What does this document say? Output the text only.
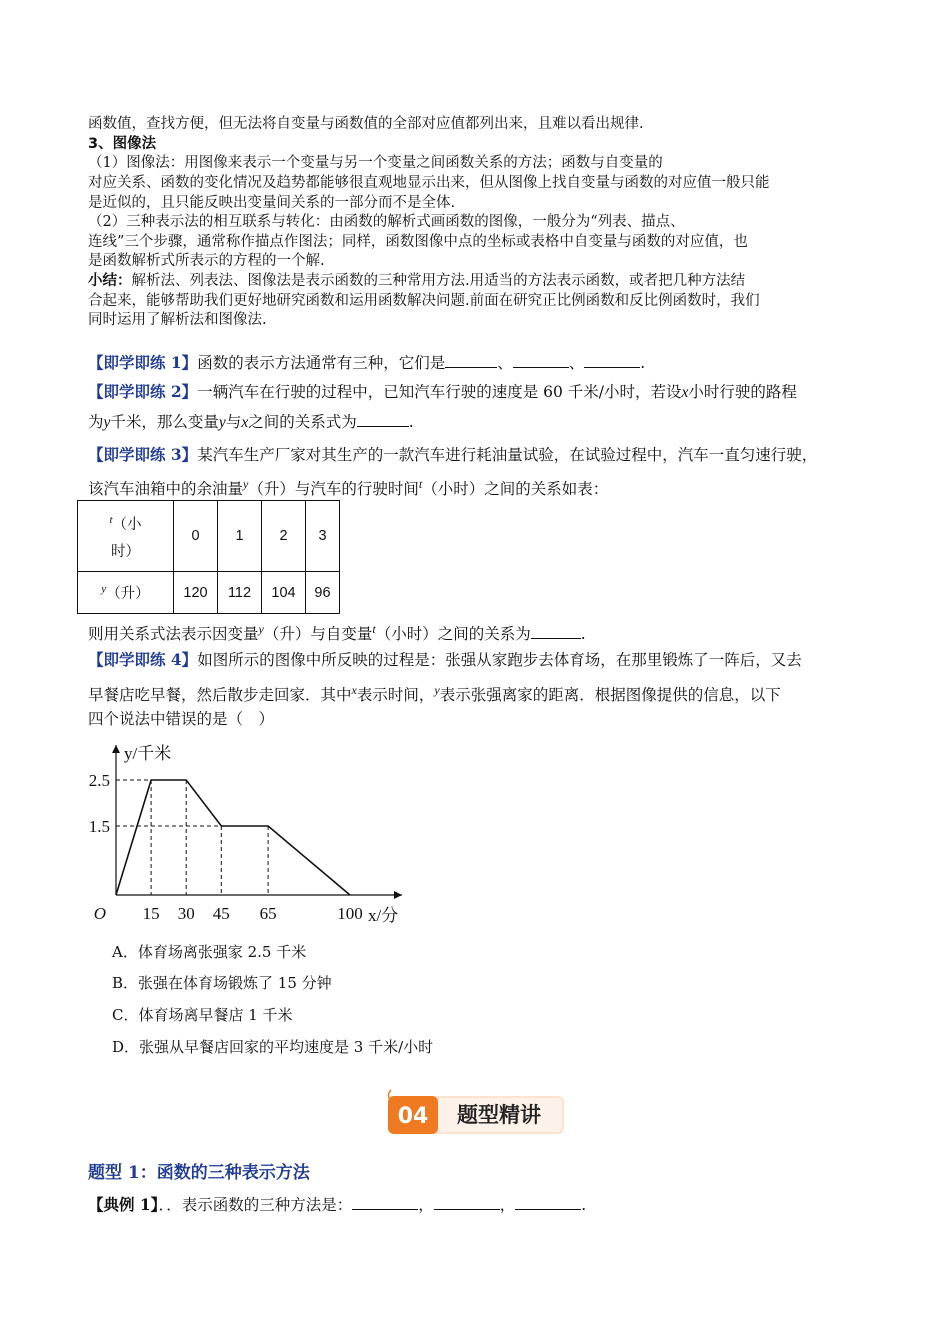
函数值，查找方便，但无法将自变量与函数值的全部对应值都列出来，且难以看出规律.
3、图像法
（1）图像法：用图像来表示一个变量与另一个变量之间函数关系的方法；函数与自变量的
对应关系、函数的变化情况及趋势都能够很直观地显示出来，但从图像上找自变量与函数的对应值一般只能
是近似的，且只能反映出变量间关系的一部分而不是全体.
（2）三种表示法的相互联系与转化：由函数的解析式画函数的图像，一般分为“列表、描点、
连线”三个步骤，通常称作描点作图法；同样，函数图像中点的坐标或表格中自变量与函数的对应值，也
是函数解析式所表示的方程的一个解.
小结：解析法、列表法、图像法是表示函数的三种常用方法.用适当的方法表示函数，或者把几种方法结
合起来，能够帮助我们更好地研究函数和运用函数解决问题.前面在研究正比例函数和反比例函数时，我们
同时运用了解析法和图像法.
【即学即练 1】函数的表示方法通常有三种，它们是	、	、	.
【即学即练 2】一辆汽车在行驶的过程中，已知汽车行驶的速度是 60 千米/小时，若设x小时行驶的路程
为y千米，那么变量y与x之间的关系式为	.
【即学即练 3】某汽车生产厂家对其生产的一款汽车进行耗油量试验，在试验过程中，汽车一直匀速行驶，
该汽车油箱中的余油量$^y$（升）与汽车的行驶时间$^t$（小时）之间的关系如表：
$^t$（小
时）	0	1	2	3
$^y$（升）	120	112	104	96
则用关系式法表示因变量$^y$（升）与自变量$^t$（小时）之间的关系为	.
【即学即练 4】如图所示的图像中所反映的过程是：张强从家跑步去体育场，在那里锻炼了一阵后，又去
早餐店吃早餐，然后散步走回家．其中$^x$表示时间，$^y$表示张强离家的距离．根据图像提供的信息，以下
四个说法中错误的是（　）
15 30 45 65	100
2.5
1.5
O
y/千米
x/分
A．体育场离张强家 2.5 千米
B．张强在体育场锻炼了 15 分钟
C．体育场离早餐店 1 千米
D．张强从早餐店回家的平均速度是 3 千米/小时
04 题型精讲
题型 1：函数的三种表示方法
【典例 1】．．表示函数的三种方法是：	，	，	.
